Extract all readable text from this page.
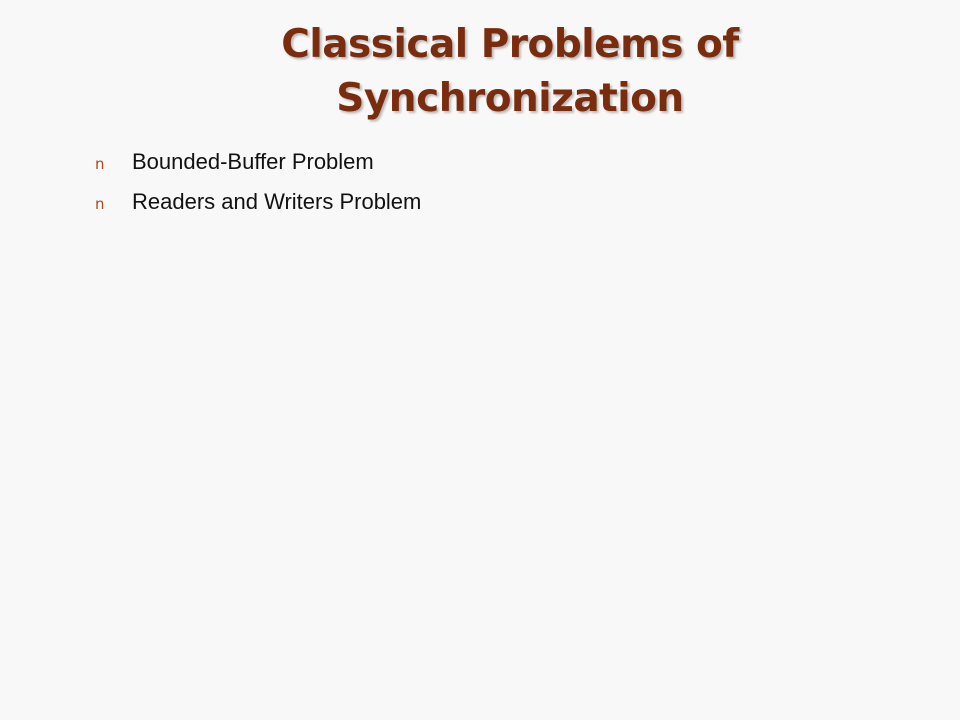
Classical Problems of
Synchronization
n	Bounded-Buffer Problem
n	Readers and Writers Problem
